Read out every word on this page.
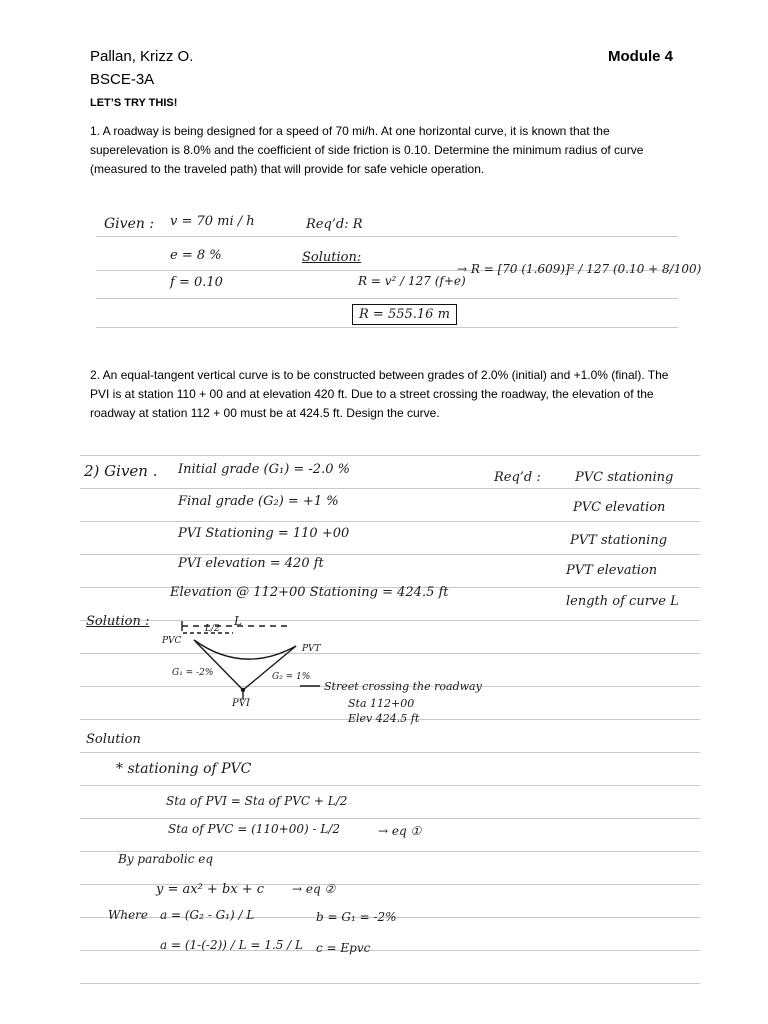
Pallan, Krizz O.
BSCE-3A
Module 4
LET’S TRY THIS!
1. A roadway is being designed for a speed of 70 mi/h. At one horizontal curve, it is known that the superelevation is 8.0% and the coefficient of side friction is 0.10. Determine the minimum radius of curve (measured to the traveled path) that will provide for safe vehicle operation.
Given : v = 70 mi / h
e = 8 %
f = 0.10
Req’d: R
Solution:
R = v² / 127 (f+e)
→ R = [70 (1.609)]² / 127 (0.10 + 8/100)
R = 555.16 m
2. An equal-tangent vertical curve is to be constructed between grades of 2.0% (initial) and +1.0% (final). The PVI is at station 110 + 00 and at elevation 420 ft. Due to a street crossing the roadway, the elevation of the roadway at station 112 + 00 must be at 424.5 ft. Design the curve.
2) Given . Initial grade (G₁) = -2.0 %
Final grade (G₂) = +1 %
PVI Stationing = 110 +00
PVI elevation = 420 ft
Elevation @ 112+00 Stationing = 424.5 ft
Req’d :	PVC stationing
PVC elevation
PVT stationing
PVT elevation
length of curve L
Solution :	L
L/2
PVC
PVT
G₁ = -2%	G₂ = 1%
PVI
Street crossing the roadway
Sta 112+00
Elev 424.5 ft
Solution
* stationing of PVC
Sta of PVI = Sta of PVC + L/2
Sta of PVC = (110+00) - L/2	→ eq ①
By parabolic eq
y = ax² + bx + c → eq ②
Where a = (G₂ - G₁) / L	b = G₁ = -2%
a = (1-(-2)) / L = 1.5 / L c = Epvc
